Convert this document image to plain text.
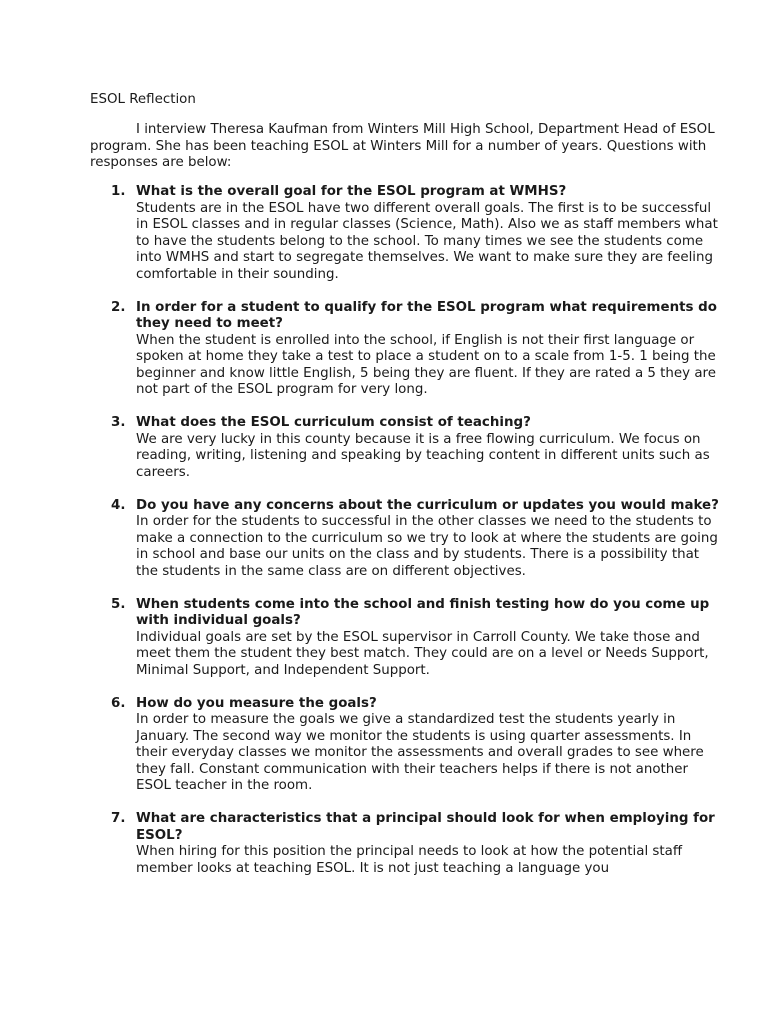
ESOL Reflection

I interview Theresa Kaufman from Winters Mill High School, Department Head of ESOL program. She has been teaching ESOL at Winters Mill for a number of years. Questions with responses are below:

1. What is the overall goal for the ESOL program at WMHS?

Students are in the ESOL have two different overall goals. The first is to be successful in ESOL classes and in regular classes (Science, Math). Also we as staff members what to have the students belong to the school. To many times we see the students come into WMHS and start to segregate themselves. We want to make sure they are feeling comfortable in their sounding.

2. In order for a student to qualify for the ESOL program what requirements do they need to meet?

When the student is enrolled into the school, if English is not their first language or spoken at home they take a test to place a student on to a scale from 1-5. 1 being the beginner and know little English, 5 being they are fluent. If they are rated a 5 they are not part of the ESOL program for very long.

3. What does the ESOL curriculum consist of teaching?

We are very lucky in this county because it is a free flowing curriculum. We focus on reading, writing, listening and speaking by teaching content in different units such as careers.

4. Do you have any concerns about the curriculum or updates you would make?

In order for the students to successful in the other classes we need to the students to make a connection to the curriculum so we try to look at where the students are going in school and base our units on the class and by students. There is a possibility that the students in the same class are on different objectives.

5. When students come into the school and finish testing how do you come up with individual goals?

Individual goals are set by the ESOL supervisor in Carroll County. We take those and meet them the student they best match. They could are on a level or Needs Support, Minimal Support, and Independent Support.

6. How do you measure the goals?

In order to measure the goals we give a standardized test the students yearly in January. The second way we monitor the students is using quarter assessments. In their everyday classes we monitor the assessments and overall grades to see where they fall. Constant communication with their teachers helps if there is not another ESOL teacher in the room.

7. What are characteristics that a principal should look for when employing for ESOL?

When hiring for this position the principal needs to look at how the potential staff member looks at teaching ESOL. It is not just teaching a language you
